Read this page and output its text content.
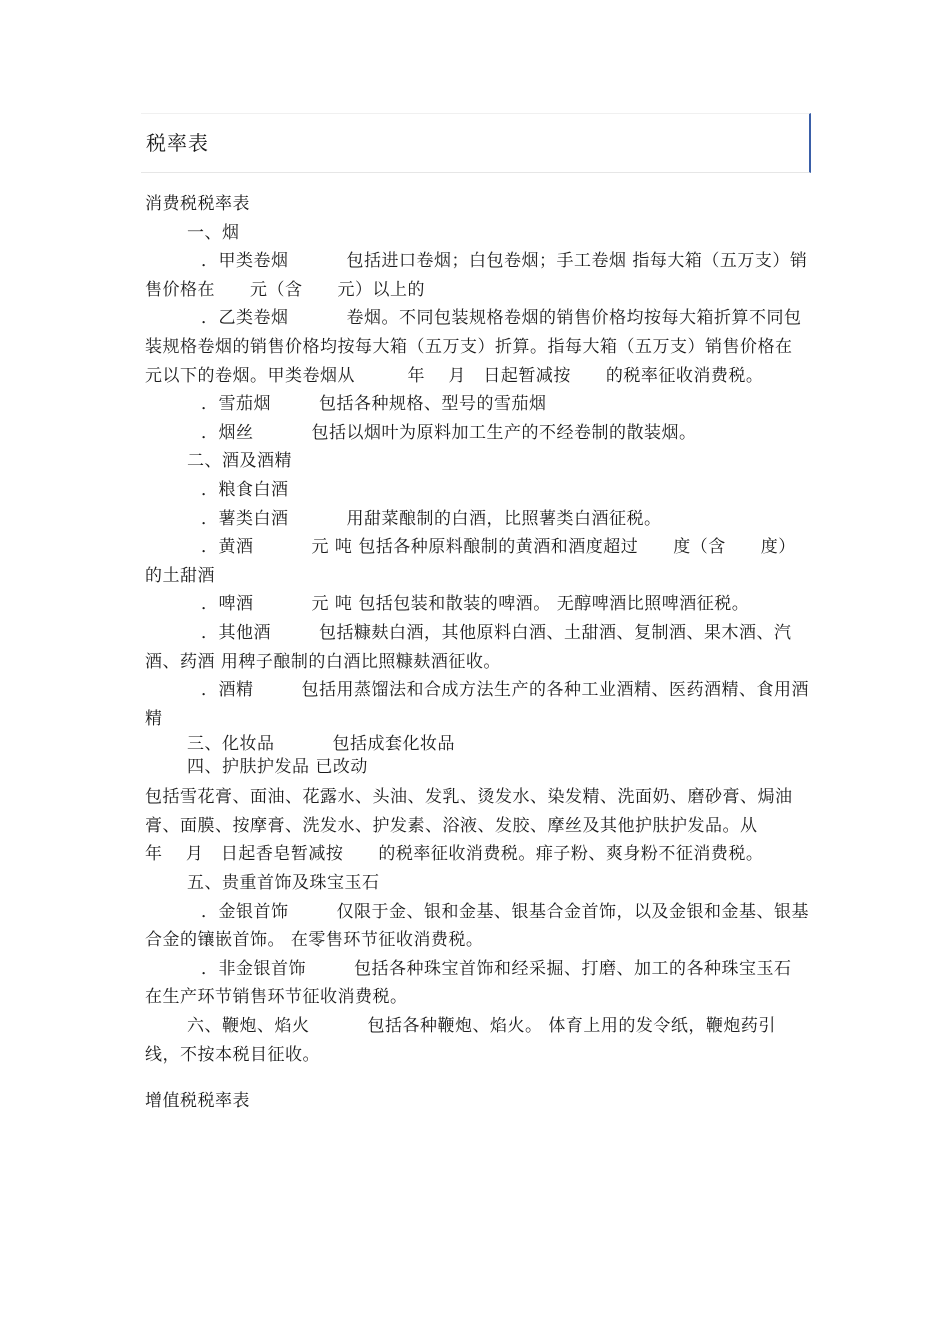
税率表

消费税税率表

一、烟

．甲类卷烟	包括进口卷烟；白包卷烟；手工卷烟 指每大箱（五万支）销售价格在　　元（含　　元）以上的

．乙类卷烟	卷烟。不同包装规格卷烟的销售价格均按每大箱折算不同包装规格卷烟的销售价格均按每大箱（五万支）折算。指每大箱（五万支）销售价格在　　元以下的卷烟。甲类卷烟从　　　年　 月　日起暂减按　　的税率征收消费税。

．雪茄烟	包括各种规格、型号的雪茄烟

．烟丝	包括以烟叶为原料加工生产的不经卷制的散装烟。

二、酒及酒精

．粮食白酒

．薯类白酒	用甜菜酿制的白酒，比照薯类白酒征税。

．黄酒	元 吨 包括各种原料酿制的黄酒和酒度超过　　度（含　　度）的土甜酒

．啤酒	元 吨 包括包装和散装的啤酒。 无醇啤酒比照啤酒征税。

．其他酒	包括糠麸白酒，其他原料白酒、土甜酒、复制酒、果木酒、汽酒、药酒 用稗子酿制的白酒比照糠麸酒征收。

．酒精	包括用蒸馏法和合成方法生产的各种工业酒精、医药酒精、食用酒精

三、化妆品	包括成套化妆品

四、护肤护发品 已改动

包括雪花膏、面油、花露水、头油、发乳、烫发水、染发精、洗面奶、磨砂膏、焗油膏、面膜、按摩膏、洗发水、护发素、浴液、发胶、摩丝及其他护肤护发品。从　　　年　 月　日起香皂暂减按　　的税率征收消费税。痱子粉、爽身粉不征消费税。

五、贵重首饰及珠宝玉石

．金银首饰	仅限于金、银和金基、银基合金首饰，以及金银和金基、银基合金的镶嵌首饰。 在零售环节征收消费税。

．非金银首饰	包括各种珠宝首饰和经采掘、打磨、加工的各种珠宝玉石 在生产环节销售环节征收消费税。

六、鞭炮、焰火	包括各种鞭炮、焰火。 体育上用的发令纸，鞭炮药引线，不按本税目征收。

增值税税率表
